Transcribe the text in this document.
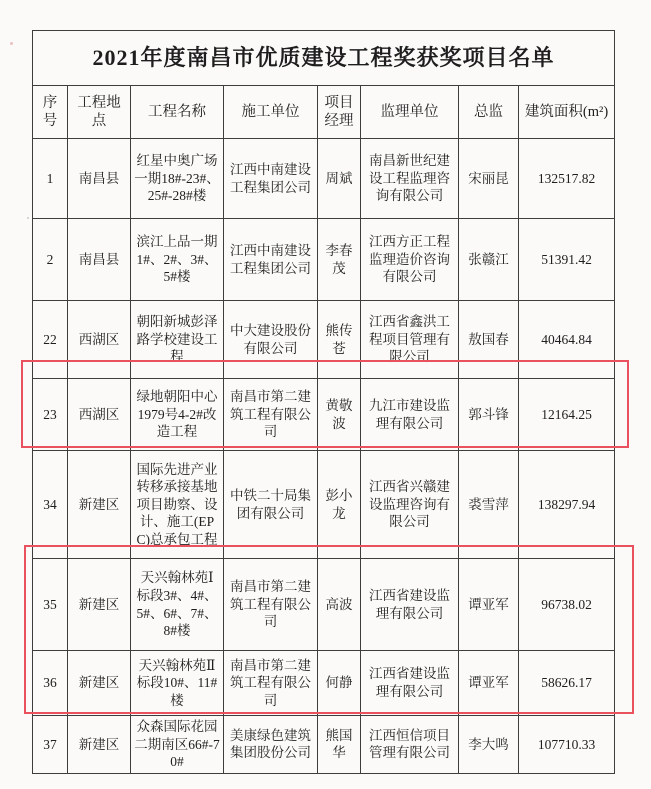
2021年度南昌市优质建设工程奖获奖项目名单							
序号	工程地点	工程名称	施工单位	项目经理	监理单位	总监	建筑面积(m²)
1	南昌县	红星中奥广场一期18#-23#、25#-28#楼	江西中南建设工程集团公司	周斌	南昌新世纪建设工程监理咨询有限公司	宋丽昆	132517.82
2	南昌县	滨江上品一期1#、2#、3#、5#楼	江西中南建设工程集团公司	李春茂	江西方正工程监理造价咨询有限公司	张赣江	51391.42
22	西湖区	朝阳新城彭泽路学校建设工程	中大建设股份有限公司	熊传苍	江西省鑫洪工程项目管理有限公司	敖国春	40464.84
23	西湖区	绿地朝阳中心1979号4-2#改造工程	南昌市第二建筑工程有限公司	黄敬波	九江市建设监理有限公司	郭斗锋	12164.25
34	新建区	国际先进产业转移承接基地项目勘察、设计、施工(EPC)总承包工程	中铁二十局集团有限公司	彭小龙	江西省兴赣建设监理咨询有限公司	裘雪萍	138297.94
35	新建区	天兴翰林苑Ⅰ标段3#、4#、5#、6#、7#、8#楼	南昌市第二建筑工程有限公司	高波	江西省建设监理有限公司	谭亚军	96738.02
36	新建区	天兴翰林苑Ⅱ标段10#、11#楼	南昌市第二建筑工程有限公司	何静	江西省建设监理有限公司	谭亚军	58626.17
37	新建区	众森国际花园二期南区66#-70#	美康绿色建筑集团股份公司	熊国华	江西恒信项目管理有限公司	李大鸣	107710.33
